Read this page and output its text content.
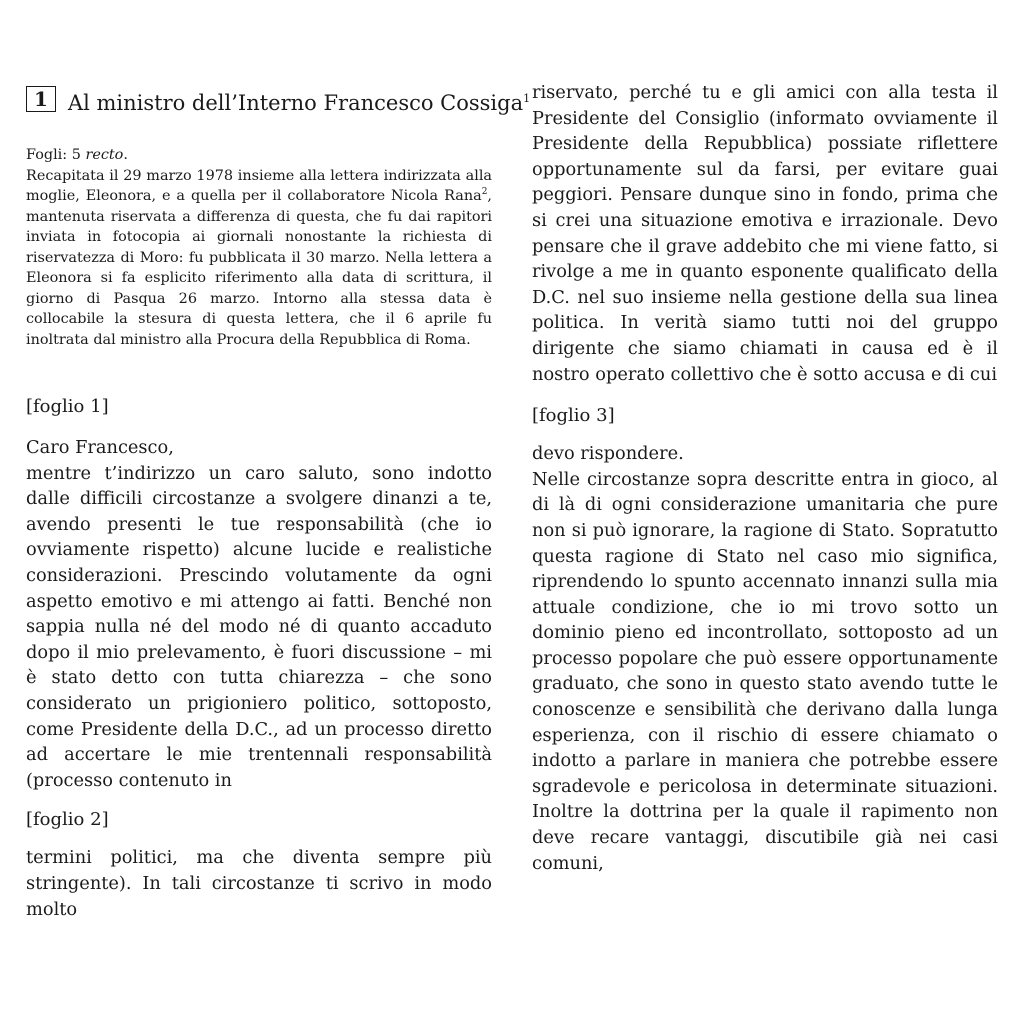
1 Al ministro dell’Interno Francesco Cossiga$^1$

Fogli: 5 recto.

Recapitata il 29 marzo 1978 insieme alla lettera indirizzata alla moglie, Eleonora, e a quella per il collaboratore Nicola Rana$^2$, mantenuta riservata a differenza di questa, che fu dai rapitori inviata in fotocopia ai giornali nonostante la richiesta di riservatezza di Moro: fu pubblicata il 30 marzo. Nella lettera a Eleonora si fa esplicito riferimento alla data di scrittura, il giorno di Pasqua 26 marzo. Intorno alla stessa data è collocabile la stesura di questa lettera, che il 6 aprile fu inoltrata dal ministro alla Procura della Repubblica di Roma.

[foglio 1]
Caro Francesco,

mentre t’indirizzo un caro saluto, sono indotto dalle difficili circostanze a svolgere dinanzi a te, avendo presenti le tue responsabilità (che io ovviamente rispetto) alcune lucide e realistiche considerazioni. Prescindo volutamente da ogni aspetto emotivo e mi attengo ai fatti. Benché non sappia nulla né del modo né di quanto accaduto dopo il mio prelevamento, è fuori discussione – mi è stato detto con tutta chiarezza – che sono considerato un prigioniero politico, sottoposto, come Presidente della D.C., ad un processo diretto ad accertare le mie trentennali responsabilità (processo contenuto in

[foglio 2]

termini politici, ma che diventa sempre più stringente). In tali circostanze ti scrivo in modo molto

riservato, perché tu e gli amici con alla testa il Presidente del Consiglio (informato ovviamente il Presidente della Repubblica) possiate riflettere opportunamente sul da farsi, per evitare guai peggiori. Pensare dunque sino in fondo, prima che si crei una situazione emotiva e irrazionale. Devo pensare che il grave addebito che mi viene fatto, si rivolge a me in quanto esponente qualificato della D.C. nel suo insieme nella gestione della sua linea politica. In verità siamo tutti noi del gruppo dirigente che siamo chiamati in causa ed è il nostro operato collettivo che è sotto accusa e di cui

[foglio 3]

devo rispondere.

Nelle circostanze sopra descritte entra in gioco, al di là di ogni considerazione umanitaria che pure non si può ignorare, la ragione di Stato. Sopratutto questa ragione di Stato nel caso mio significa, riprendendo lo spunto accennato innanzi sulla mia attuale condizione, che io mi trovo sotto un dominio pieno ed incontrollato, sottoposto ad un processo popolare che può essere opportunamente graduato, che sono in questo stato avendo tutte le conoscenze e sensibilità che derivano dalla lunga esperienza, con il rischio di essere chiamato o indotto a parlare in maniera che potrebbe essere sgradevole e pericolosa in determinate situazioni. Inoltre la dottrina per la quale il rapimento non deve recare vantaggi, discutibile già nei casi comuni,
